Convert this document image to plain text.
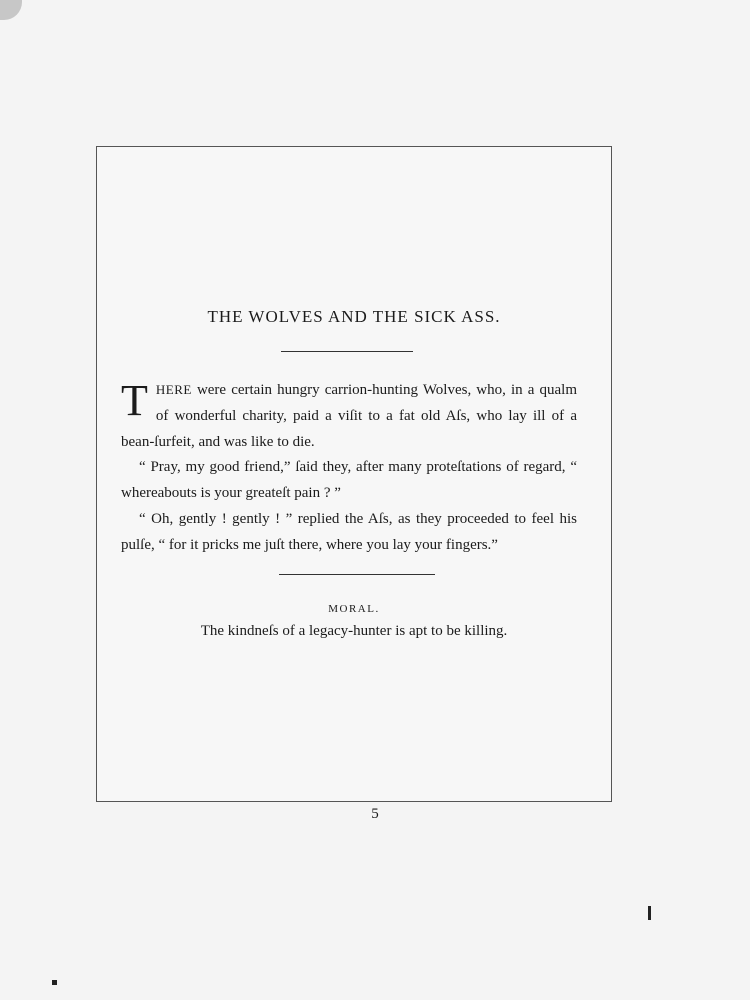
THE WOLVES AND THE SICK ASS.

THERE were certain hungry carrion-hunting Wolves, who, in a qualm of wonderful charity, paid a viſit to a fat old Aſs, who lay ill of a bean-ſurfeit, and was like to die.

“ Pray, my good friend,” ſaid they, after many proteſtations of regard, “ whereabouts is your greateſt pain ? ”

“ Oh, gently ! gently ! ” replied the Aſs, as they proceeded to feel his pulſe, “ for it pricks me juſt there, where you lay your fingers.”

MORAL.
The kindneſs of a legacy-hunter is apt to be killing.
5
